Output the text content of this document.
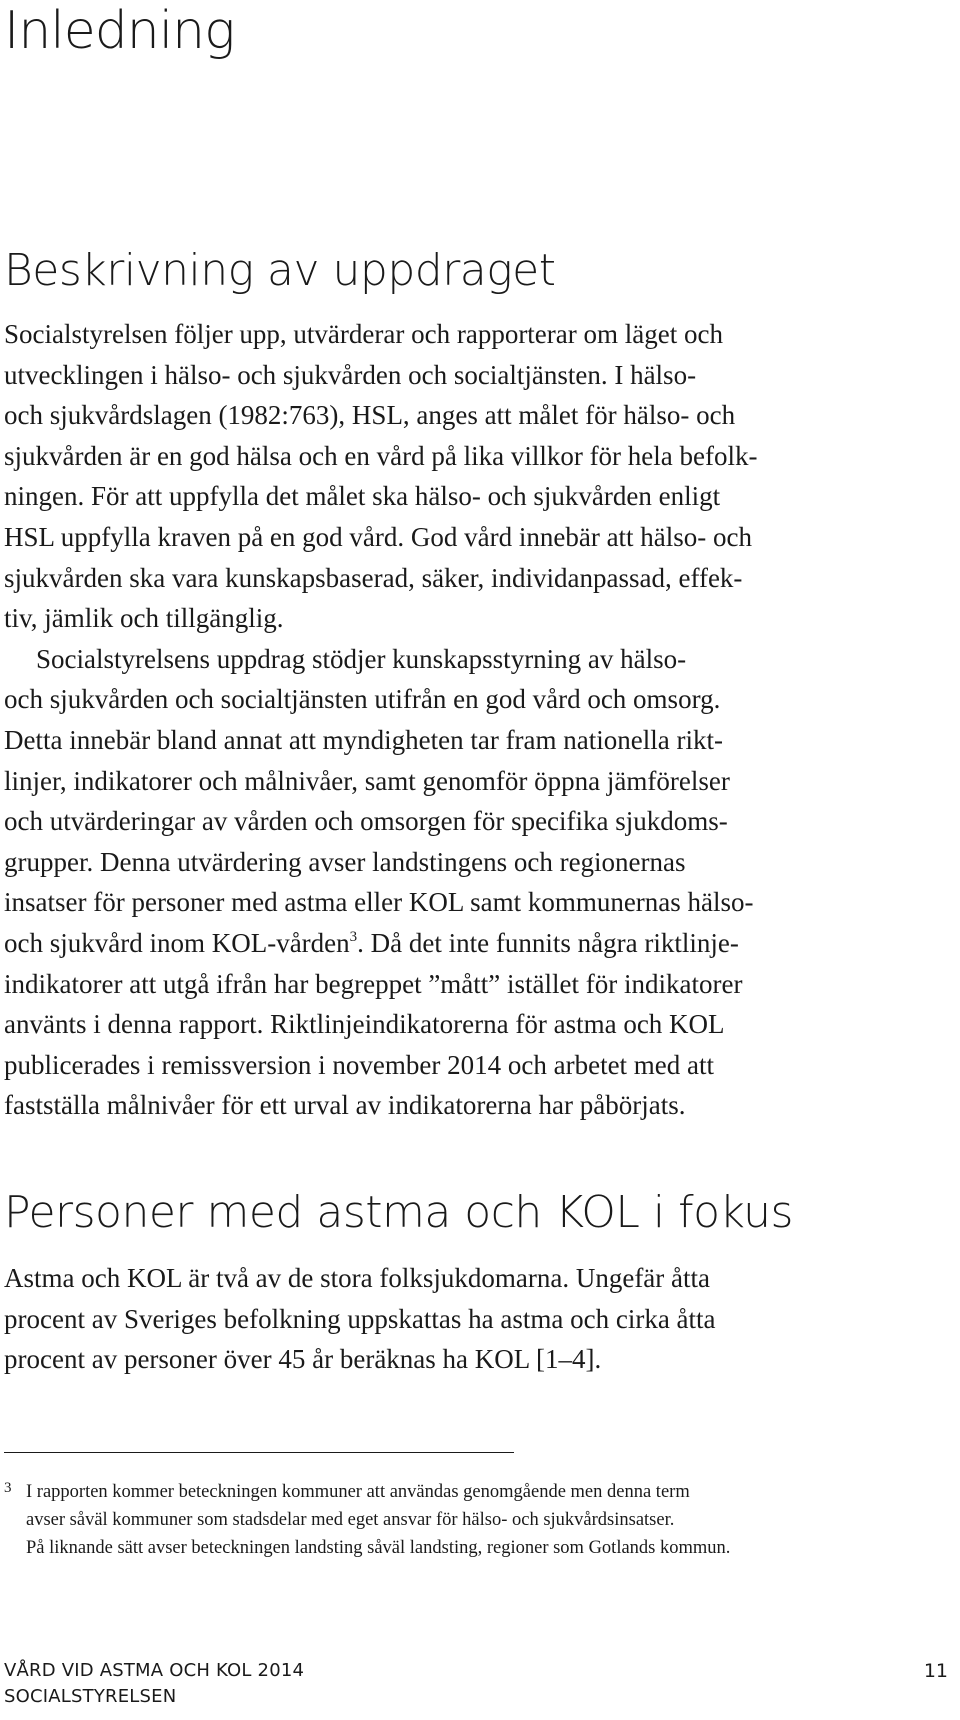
Inledning
Beskrivning av uppdraget
Socialstyrelsen följer upp, utvärderar och rapporterar om läget och
utvecklingen i hälso- och sjukvården och socialtjänsten. I hälso-
och sjukvårdslagen (1982:763), HSL, anges att målet för hälso- och
sjukvården är en god hälsa och en vård på lika villkor för hela befolk-
ningen. För att uppfylla det målet ska hälso- och sjukvården enligt
HSL uppfylla kraven på en god vård. God vård innebär att hälso- och
sjukvården ska vara kunskapsbaserad, säker, individanpassad, effek-
tiv, jämlik och tillgänglig.
Socialstyrelsens uppdrag stödjer kunskapsstyrning av hälso-
och sjukvården och socialtjänsten utifrån en god vård och omsorg.
Detta innebär bland annat att myndigheten tar fram nationella rikt-
linjer, indikatorer och målnivåer, samt genomför öppna jämförelser
och utvärderingar av vården och omsorgen för specifika sjukdoms-
grupper. Denna utvärdering avser landstingens och regionernas
insatser för personer med astma eller KOL samt kommunernas hälso-
och sjukvård inom KOL-vården$^3$. Då det inte funnits några riktlinje-
indikatorer att utgå ifrån har begreppet ”mått” istället för indikatorer
använts i denna rapport. Riktlinjeindikatorerna för astma och KOL
publicerades i remissversion i november 2014 och arbetet med att
fastställa målnivåer för ett urval av indikatorerna har påbörjats.
Personer med astma och KOL i fokus
Astma och KOL är två av de stora folksjukdomarna. Ungefär åtta
procent av Sveriges befolkning uppskattas ha astma och cirka åtta
procent av personer över 45 år beräknas ha KOL [1–4].
3 I rapporten kommer beteckningen kommuner att användas genomgående men denna term
avser såväl kommuner som stadsdelar med eget ansvar för hälso- och sjukvårdsinsatser.
På liknande sätt avser beteckningen landsting såväl landsting, regioner som Gotlands kommun.
VÅRD VID ASTMA OCH KOL 2014
SOCIALSTYRELSEN
11
